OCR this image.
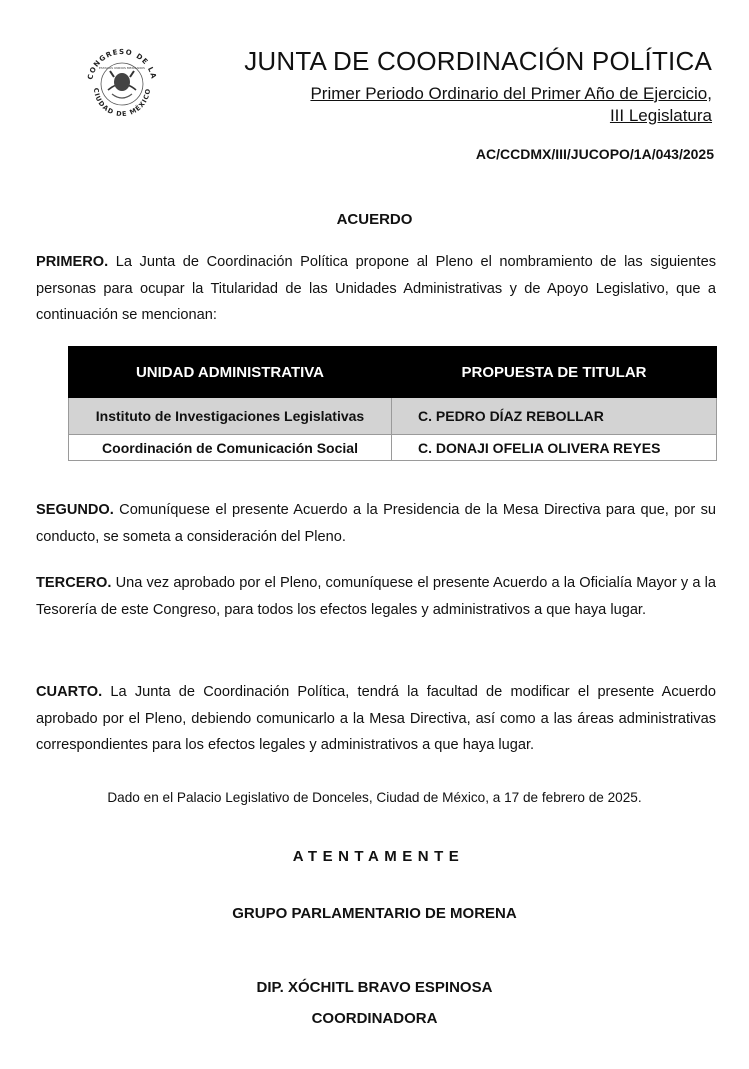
CONGRESO DE LA
CIUDAD DE MÉXICO
ESTADOS UNIDOS MEXICANOS	JUNTA DE COORDINACIÓN POLÍTICA
Primer Periodo Ordinario del Primer Año de Ejercicio,
III Legislatura
AC/CCDMX/III/JUCOPO/1A/043/2025
ACUERDO

PRIMERO. La Junta de Coordinación Política propone al Pleno el nombramiento de las siguientes personas para ocupar la Titularidad de las Unidades Administrativas y de Apoyo Legislativo, que a continuación se mencionan:

UNIDAD ADMINISTRATIVA	PROPUESTA DE TITULAR
Instituto de Investigaciones Legislativas	C. PEDRO DÍAZ REBOLLAR
Coordinación de Comunicación Social	C. DONAJI OFELIA OLIVERA REYES

SEGUNDO. Comuníquese el presente Acuerdo a la Presidencia de la Mesa Directiva para que, por su conducto, se someta a consideración del Pleno.

TERCERO. Una vez aprobado por el Pleno, comuníquese el presente Acuerdo a la Oficialía Mayor y a la Tesorería de este Congreso, para todos los efectos legales y administrativos a que haya lugar.

CUARTO. La Junta de Coordinación Política, tendrá la facultad de modificar el presente Acuerdo aprobado por el Pleno, debiendo comunicarlo a la Mesa Directiva, así como a las áreas administrativas correspondientes para los efectos legales y administrativos a que haya lugar.

Dado en el Palacio Legislativo de Donceles, Ciudad de México, a 17 de febrero de 2025.
ATENTAMENTE
GRUPO PARLAMENTARIO DE MORENA
DIP. XÓCHITL BRAVO ESPINOSA
COORDINADORA
